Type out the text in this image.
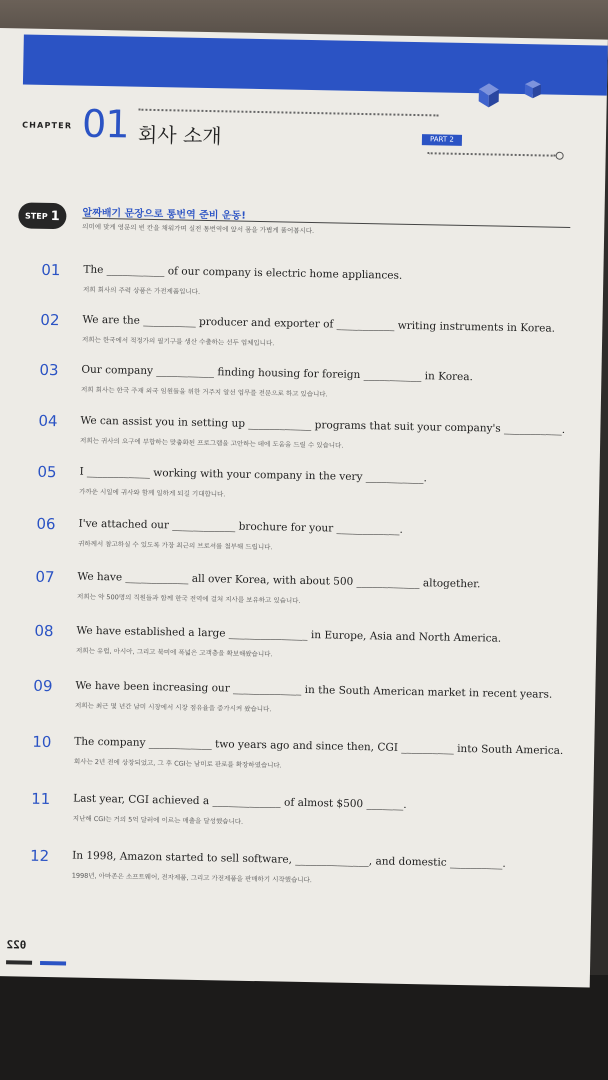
CHAPTER 01 회사 소개	PART 2
STEP 1 알짜배기 문장으로 통번역 준비 운동!
의미에 맞게 영문의 빈 칸을 채워가며 실전 통번역에 앞서 몸을 가볍게 풀어봅시다.
01 The ___________ of our company is electric home appliances.
저희 회사의 주력 상품은 가전제품입니다.
02 We are the __________ producer and exporter of ___________ writing instruments in Korea.
저희는 한국에서 적정가의 필기구를 생산 수출하는 선두 업체입니다.
03 Our company ___________ finding housing for foreign ___________ in Korea.
저희 회사는 한국 주재 외국 임원들을 위한 거주지 알선 업무를 전문으로 하고 있습니다.
04 We can assist you in setting up ____________ programs that suit your company's ___________.
저희는 귀사의 요구에 부합하는 맞춤화된 프로그램을 고안하는 데에 도움을 드릴 수 있습니다.
05 I ____________ working with your company in the very ___________.
가까운 시일에 귀사와 함께 일하게 되길 기대합니다.
06 I've attached our ____________ brochure for your ____________.
귀하께서 참고하실 수 있도록 가장 최근의 브로셔를 첨부해 드립니다.
07 We have ____________ all over Korea, with about 500 ____________ altogether.
저희는 약 500명의 직원들과 함께 한국 전역에 걸쳐 지사를 보유하고 있습니다.
08 We have established a large _______________ in Europe, Asia and North America.
저희는 유럽, 아시아, 그리고 북미에 폭넓은 고객층을 확보해왔습니다.
09 We have been increasing our _____________ in the South American market in recent years.
저희는 최근 몇 년간 남미 시장에서 시장 점유율을 증가시켜 왔습니다.
10 The company ____________ two years ago and since then, CGI __________ into South America.
회사는 2년 전에 상장되었고, 그 후 CGI는 남미로 판로를 확장하였습니다.
11 Last year, CGI achieved a _____________ of almost $500 _______.
지난해 CGI는 거의 5억 달러에 이르는 매출을 달성했습니다.
12 In 1998, Amazon started to sell software, ______________, and domestic __________.
1998년, 아마존은 소프트웨어, 전자제품, 그리고 가전제품을 판매하기 시작했습니다.
022
